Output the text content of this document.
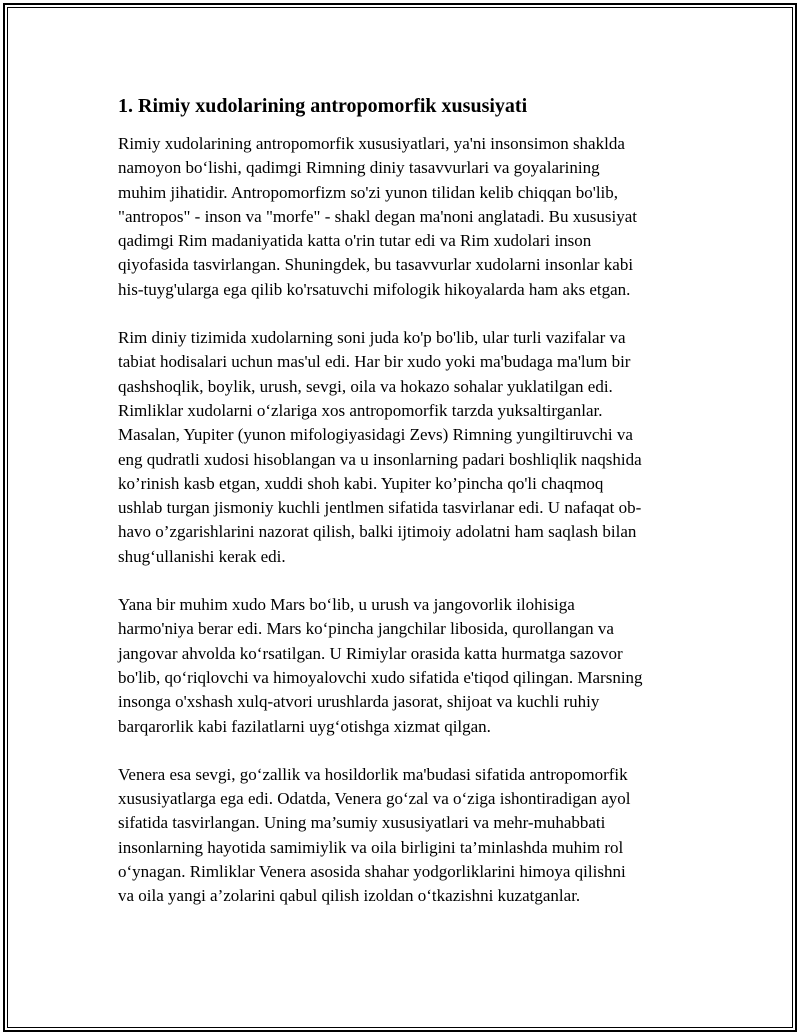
1. Rimiy xudolarining antropomorfik xususiyati

Rimiy xudolarining antropomorfik xususiyatlari, ya'ni insonsimon shaklda
namoyon bo‘lishi, qadimgi Rimning diniy tasavvurlari va goyalarining
muhim jihatidir. Antropomorfizm so'zi yunon tilidan kelib chiqqan bo'lib,
"antropos" - inson va "morfe" - shakl degan ma'noni anglatadi. Bu xususiyat
qadimgi Rim madaniyatida katta o'rin tutar edi va Rim xudolari inson
qiyofasida tasvirlangan. Shuningdek, bu tasavvurlar xudolarni insonlar kabi
his-tuyg'ularga ega qilib ko'rsatuvchi mifologik hikoyalarda ham aks etgan.

Rim diniy tizimida xudolarning soni juda ko'p bo'lib, ular turli vazifalar va
tabiat hodisalari uchun mas'ul edi. Har bir xudo yoki ma'budaga ma'lum bir
qashshoqlik, boylik, urush, sevgi, oila va hokazo sohalar yuklatilgan edi.
Rimliklar xudolarni o‘zlariga xos antropomorfik tarzda yuksaltirganlar.
Masalan, Yupiter (yunon mifologiyasidagi Zevs) Rimning yungiltiruvchi va
eng qudratli xudosi hisoblangan va u insonlarning padari boshliqlik naqshida
ko’rinish kasb etgan, xuddi shoh kabi. Yupiter ko’pincha qo'li chaqmoq
ushlab turgan jismoniy kuchli jentlmen sifatida tasvirlanar edi. U nafaqat ob-
havo o’zgarishlarini nazorat qilish, balki ijtimoiy adolatni ham saqlash bilan
shug‘ullanishi kerak edi.

Yana bir muhim xudo Mars bo‘lib, u urush va jangovorlik ilohisiga
harmo'niya berar edi. Mars ko‘pincha jangchilar libosida, qurollangan va
jangovar ahvolda ko‘rsatilgan. U Rimiylar orasida katta hurmatga sazovor
bo'lib, qo‘riqlovchi va himoyalovchi xudo sifatida e'tiqod qilingan. Marsning
insonga o'xshash xulq-atvori urushlarda jasorat, shijoat va kuchli ruhiy
barqarorlik kabi fazilatlarni uyg‘otishga xizmat qilgan.

Venera esa sevgi, go‘zallik va hosildorlik ma'budasi sifatida antropomorfik
xususiyatlarga ega edi. Odatda, Venera go‘zal va o‘ziga ishontiradigan ayol
sifatida tasvirlangan. Uning ma’sumiy xususiyatlari va mehr-muhabbati
insonlarning hayotida samimiylik va oila birligini ta’minlashda muhim rol
o‘ynagan. Rimliklar Venera asosida shahar yodgorliklarini himoya qilishni
va oila yangi a’zolarini qabul qilish izoldan o‘tkazishni kuzatganlar.
